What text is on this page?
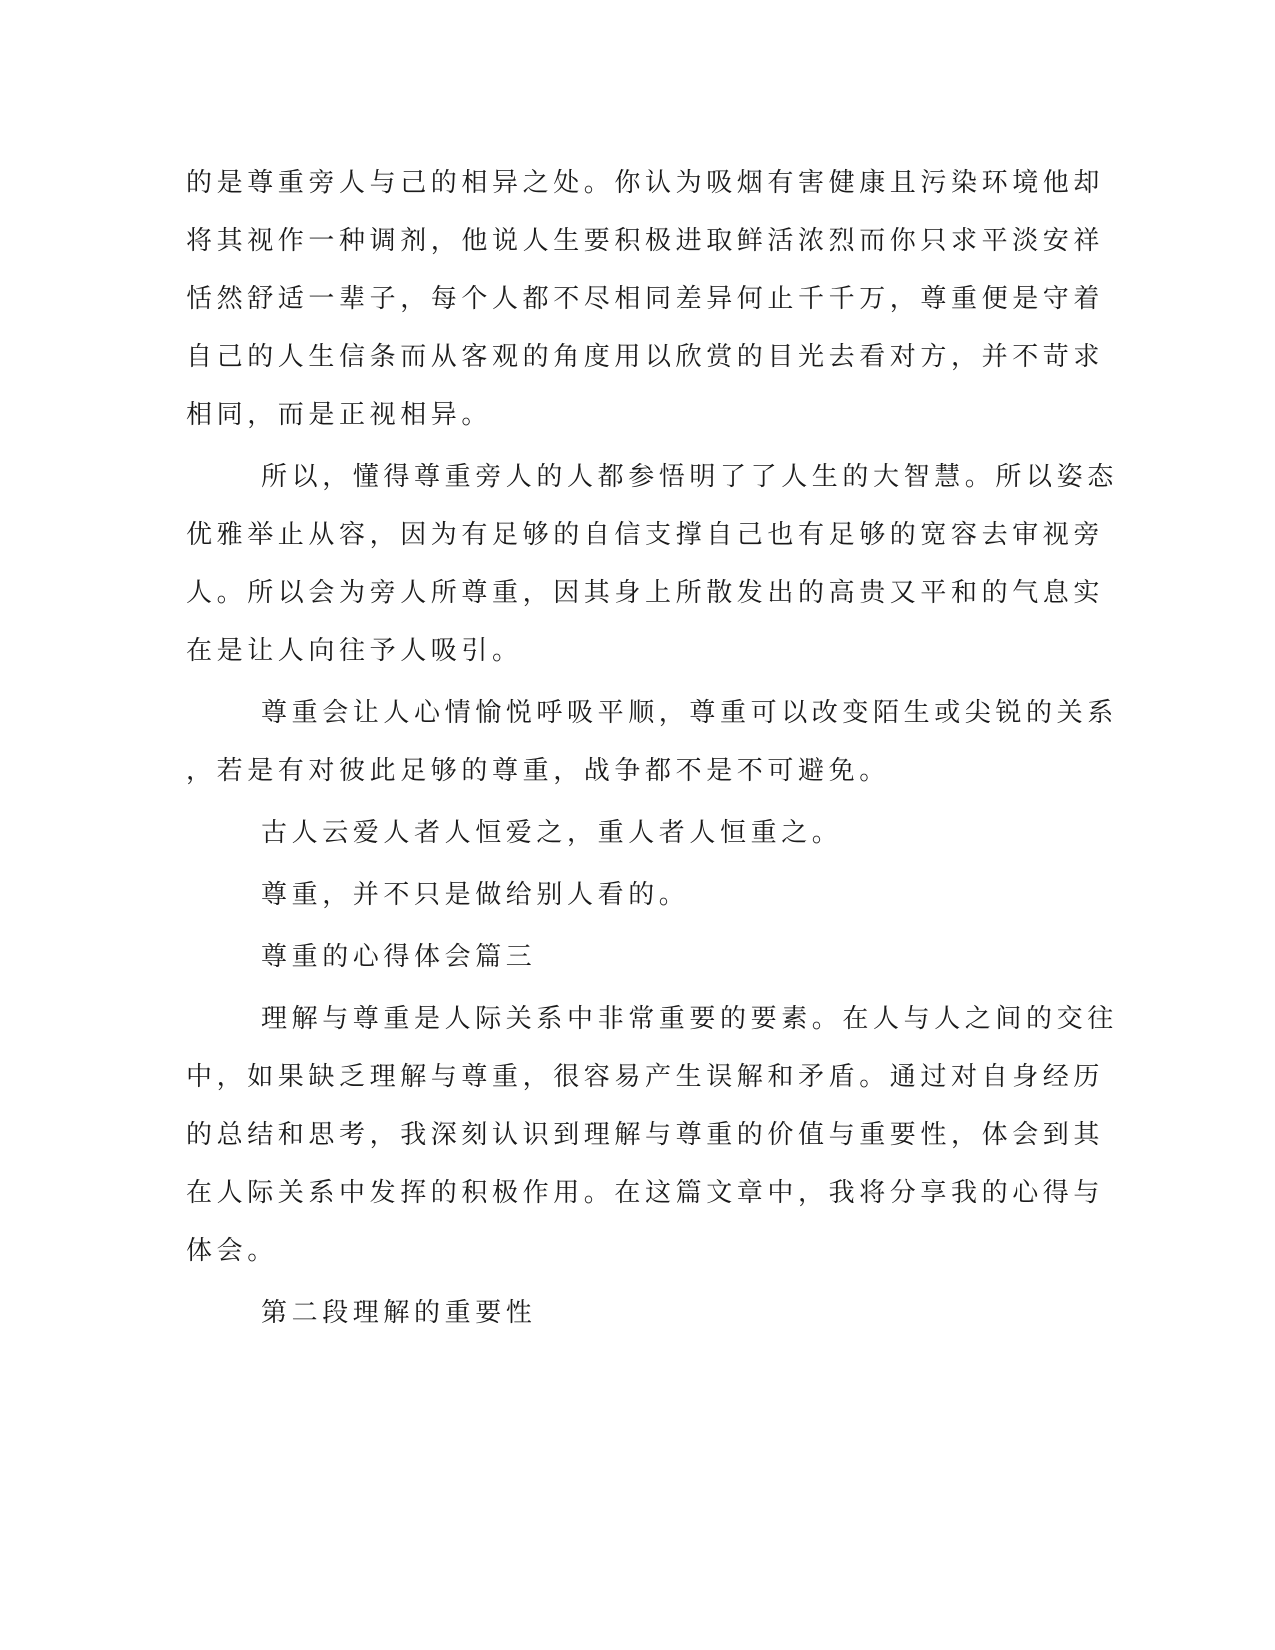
的是尊重旁人与己的相异之处。你认为吸烟有害健康且污染环境他却
将其视作一种调剂，他说人生要积极进取鲜活浓烈而你只求平淡安祥
恬然舒适一辈子，每个人都不尽相同差异何止千千万，尊重便是守着
自己的人生信条而从客观的角度用以欣赏的目光去看对方，并不苛求
相同，而是正视相异。
所以，懂得尊重旁人的人都参悟明了了人生的大智慧。所以姿态
优雅举止从容，因为有足够的自信支撑自己也有足够的宽容去审视旁
人。所以会为旁人所尊重，因其身上所散发出的高贵又平和的气息实
在是让人向往予人吸引。
尊重会让人心情愉悦呼吸平顺，尊重可以改变陌生或尖锐的关系
，若是有对彼此足够的尊重，战争都不是不可避免。
古人云爱人者人恒爱之，重人者人恒重之。
尊重，并不只是做给别人看的。
尊重的心得体会篇三
理解与尊重是人际关系中非常重要的要素。在人与人之间的交往
中，如果缺乏理解与尊重，很容易产生误解和矛盾。通过对自身经历
的总结和思考，我深刻认识到理解与尊重的价值与重要性，体会到其
在人际关系中发挥的积极作用。在这篇文章中，我将分享我的心得与
体会。
第二段理解的重要性
